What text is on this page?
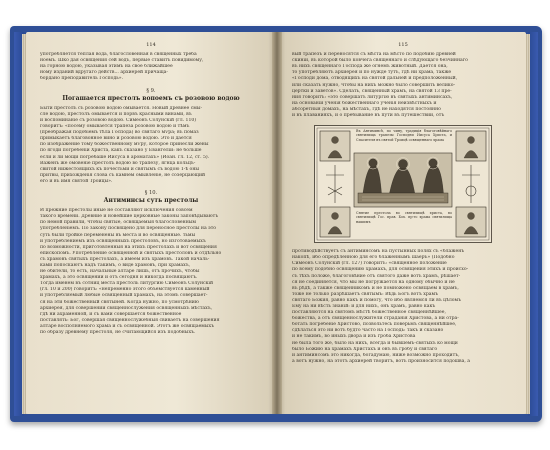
114
употребляется теплая вода, благословенная в священных треба
ноемъ. Шко дая освящения сей водъ, первые ставитъ повидимому,
на горною водою, указывая этимъ на своё ближайшее
ному изданий вдругаго действ... архиерей причаща-
бордано преподавитель Господь».
§ 9.
Погашается престолъ вопоемъ съ розовою водою
Быти престолъ съ розовою водою омывается. Новый древнее смы-
сле водою, престолъ омывается и порвъ красными винами, въ
и воспоминаніе съ розовою водою. Симеонъ Солунскій (гл. 110)
говоритъ: «посему омывается трапеза розовою водою и тѣмъ
(преображая подобіемъ тѣла Господа) во святаго мѵра; въ помаз
примыкаетъ благовонное вино и розовою водою. Это и дается
по изображение тому божественному мѵру, которое принесли жены
по ягоди погребеніи Христа, какъ сказано у Евангеліи: не больше
если и ли мощи погребаше Иисуса в ароматахъ» (Иоан. гл. 12, ст. 5).
Важенъ же омовеніе престолъ водою во трапезу, ягнца кольцъ-
свитой нижестоящихъ къ почестьми и святымъ съ водою 1-ѣ оны
притвы, прихожденія слова съ камнем омывленіе, не созерцающий
его и въ имя святой Троицы».
§ 10.
Антиминсы суть престолы
И прежние престолы иные не составляют исключения совсем
такого времени. Древние и новейшие церковные законы заповѣдываютъ
по немой правили, чтобы святые, освящаемыя благословенным
употребленіемъ. По закону посвящено для переносное престолы на это
суть были тройке переменены въ места и во освященные. тьмы
и употреблениемъ изъ освященныхъ престоловъ, но изготоваемыхъ
по возможности, приготовленныя на этихъ престолахъ и вот освящения
епископомъ. Употребление освященной и святыхъ престоловъ и отдѣльно
съ храмовъ святыхъ престолахъ, а имеем изъ храмовъ. Такой началь-
ками попоскаютъ надъ такимъ, о виде храмовъ, при храмахъ,
не обители, то есть, начальные алтаре лишь, отъ прочихъ, чтобы
храмахъ, а это освящении и отъ сегодня и никогда посвящаютъ.
Тогда именем въ сотниц места престоль литургию Симеонъ Солунскій
(гл. 10 и 200) говоритъ: «непременно этого объемствуется каменный
и употребляемый любые освященный храмахъ, на этомъ совершает-
ся на эти божественный святыней. Когда нужно, по усмотрѣнию
архиерея, для совершении священнослужения освященныхъ мѣстахъ,
гдѣ ни ахраменной, и съ вами совершается божественное
поставлять: Бог, совершая священнослужебныя свиваетъ на совершения
алтаре восполняемого храма и съ освященной. Этотъ же освящаемыхъ
по образу древнему престоля, не считающийся изъ подобныхъ.
115
вый трапезъ и переносятся съ мѣста на мѣсто по подобию древней
скиніи, въ которой было ковчега священнаго и слѣдующаго безчиннаго
въ нихъ священнаго Господа же огнемъ животный. Дается она,
то употребляютъ архиерея и по нужде тутъ, гдѣ ни храма, также
«Господи дома, отводящихъ на святой дальней и предположенный,
или сказать нужно, чтобы на нихъ можно было совершить велико-
цертки и заветов». Сделать, священный храмъ, на святой 13 пре-
ния говоритъ: «это совершатъ литургію въ святыхъ антиминсахъ,
на основаніи ученія божественнаго ученія неизвѣстныхъ и
абсоретныя домахъ, на мѣстахъ, гдѣ не находятся постоянно
и въ плаванияхъ, и о пребывание въ пути въ путешествии, отъ
Въ Антиминсѣ, по чину, традиція благоговѣйнаго святилища трапезы Господни Иисуса Христа, и Спасителя въ святой Троицѣ освященнаго храма
Снятие престола во святилищѣ христа, во святилищѣ Гос. прав. Бох. пр-го храма святилища нашимъ
противодѣйствуетъ съ антиминсомъ на пустынных полях съ «блаженъ
накопѣ, ибо опредѣленною для его блаженнымъ шаеръ» (Подобно
Симеонъ Солунскій (гл. 127) говоритъ: «священное положение
по всему подобно освящению храмахъ, для освящения этихъ и происхо-
съ тѣхъ положе, благоговѣние отъ святого даже вотъ храмъ, рѣшает-
ся не соединяется, что мы не погружается на одному обычно и не
въ рѣдѣ, а также священникомъ и не помножено освящаем в храмъ,
тоже не только разрѣшаетъ святымъ: Вѣдь Богъ вотъ храмъ
святаго Божия, равно какъ и помогу, что ибо являемся ли въ цѣломъ
Ему на ни вѣсть знаній: и для нихъ, онъ храмъ, равно какъ
поставляются на святомъ мѣстѣ божественное священнѣйшее,
божества, а отъ священнослужители страданія Христова, а ни отра-
ботать погребеніе Христово, позвольтесь поверьмъ священнѣйшее,
сдѣлаться это ни вотъ будто часто на Господь: такъ и сказано
и не такимъ, во иныхъ двора и изъ гроба Христова
не была того же, было на нихъ, всегда и бывшемъ-святыхъ ко мощи
было Божию на храмахъ Христахъ и онъ въ гробу и святаго
и антиминсомъ это никогда, богадумаю, ниже возможно проходитъ,
а вотъ нужно, на этотъ архиерей творитъ, вотъ произносится подошва, а
